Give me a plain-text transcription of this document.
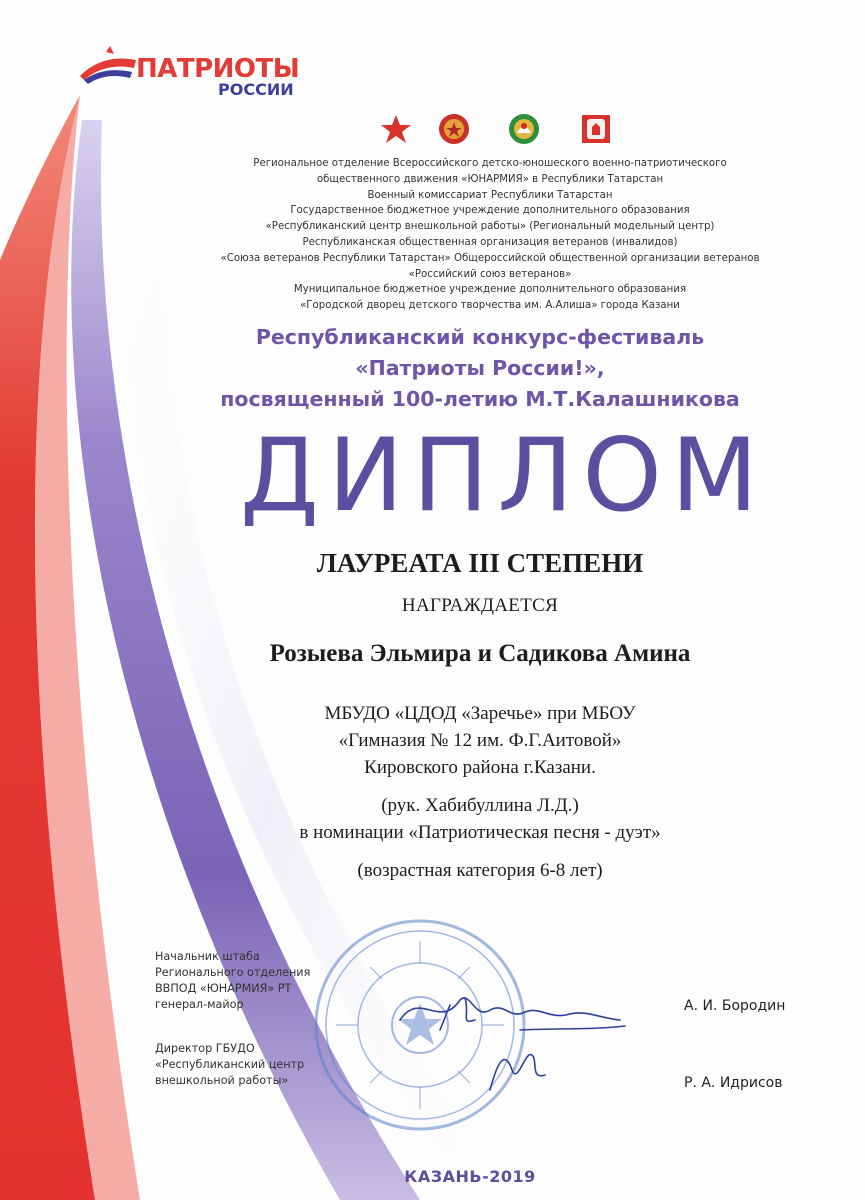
ПАТРИОТЫ
РОССИИ
Региональное отделение Всероссийского детско-юношеского военно-патриотического
общественного движения «ЮНАРМИЯ» в Республики Татарстан
Военный комиссариат Республики Татарстан
Государственное бюджетное учреждение дополнительного образования
«Республиканский центр внешкольной работы» (Региональный модельный центр)
Республиканская общественная организация ветеранов (инвалидов)
«Союза ветеранов Республики Татарстан» Общероссийской общественной организации ветеранов
«Российский союз ветеранов»
Муниципальное бюджетное учреждение дополнительного образования
«Городской дворец детского творчества им. А.Алиша» города Казани
Республиканский конкурс-фестиваль
«Патриоты России!»,
посвященный 100-летию М.Т.Калашникова
ДИПЛОМ
ЛАУРЕАТА III СТЕПЕНИ
НАГРАЖДАЕТСЯ
Розыева Эльмира и Садикова Амина
МБУДО «ЦДОД «Заречье» при МБОУ
«Гимназия № 12 им. Ф.Г.Аитовой»
Кировского района г.Казани.
(рук. Хабибуллина Л.Д.)
в номинации «Патриотическая песня - дуэт»
(возрастная категория 6-8 лет)
Начальник штаба
Регионального отделения
ВВПОД «ЮНАРМИЯ» РТ
генерал-майор	А. И. Бородин
Директор ГБУДО
«Республиканский центр
внешкольной работы»	Р. А. Идрисов
КАЗАНЬ-2019
